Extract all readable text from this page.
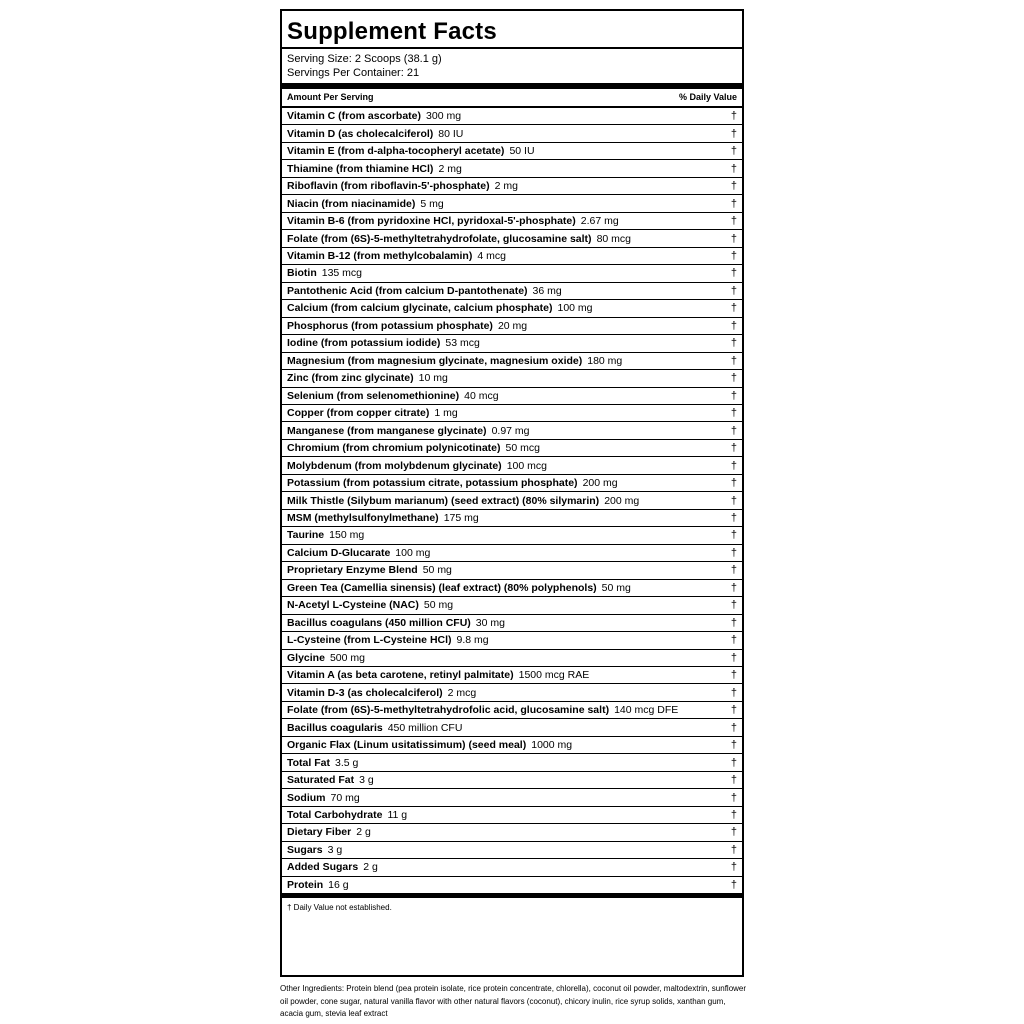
Supplement Facts
Serving Size: 2 Scoops (38.1 g)
Servings Per Container: 21
Amount Per Serving	% Daily Value
Vitamin C (from ascorbate) 300 mg	†
Vitamin D (as cholecalciferol) 80 IU	†
Vitamin E (from d-alpha-tocopheryl acetate) 50 IU	†
Thiamine (from thiamine HCl) 2 mg	†
Riboflavin (from riboflavin-5'-phosphate) 2 mg	†
Niacin (from niacinamide) 5 mg	†
Vitamin B-6 (from pyridoxine HCl, pyridoxal-5'-phosphate) 2.67 mg	†
Folate (from (6S)-5-methyltetrahydrofolate, glucosamine salt) 80 mcg	†
Vitamin B-12 (from methylcobalamin) 4 mcg	†
Biotin 135 mcg	†
Pantothenic Acid (from calcium D-pantothenate) 36 mg	†
Calcium (from calcium glycinate, calcium phosphate) 100 mg	†
Phosphorus (from potassium phosphate) 20 mg	†
Iodine (from potassium iodide) 53 mcg	†
Magnesium (from magnesium glycinate, magnesium oxide) 180 mg	†
Zinc (from zinc glycinate) 10 mg	†
Selenium (from selenomethionine) 40 mcg	†
Copper (from copper citrate) 1 mg	†
Manganese (from manganese glycinate) 0.97 mg	†
Chromium (from chromium polynicotinate) 50 mcg	†
Molybdenum (from molybdenum glycinate) 100 mcg	†
Potassium (from potassium citrate, potassium phosphate) 200 mg	†
Milk Thistle (Silybum marianum) (seed extract) (80% silymarin) 200 mg	†
MSM (methylsulfonylmethane) 175 mg	†
Taurine 150 mg	†
Calcium D-Glucarate 100 mg	†
Proprietary Enzyme Blend 50 mg	†
Green Tea (Camellia sinensis) (leaf extract) (80% polyphenols) 50 mg	†
N-Acetyl L-Cysteine (NAC) 50 mg	†
Bacillus coagulans (450 million CFU) 30 mg	†
L-Cysteine (from L-Cysteine HCl) 9.8 mg	†
Glycine 500 mg	†
Vitamin A (as beta carotene, retinyl palmitate) 1500 mcg RAE	†
Vitamin D-3 (as cholecalciferol) 2 mcg	†
Folate (from (6S)-5-methyltetrahydrofolic acid, glucosamine salt) 140 mcg DFE	†
Bacillus coagularis 450 million CFU	†
Organic Flax (Linum usitatissimum) (seed meal) 1000 mg	†
Total Fat 3.5 g	†
Saturated Fat 3 g	†
Sodium 70 mg	†
Total Carbohydrate 11 g	†
Dietary Fiber 2 g	†
Sugars 3 g	†
Added Sugars 2 g	†
Protein 16 g	†
† Daily Value not established.
Other Ingredients: Protein blend (pea protein isolate, rice protein concentrate, chlorella), coconut oil powder, maltodextrin, sunflower oil powder, cone sugar, natural vanilla flavor with other natural flavors (coconut), chicory inulin, rice syrup solids, xanthan gum, acacia gum, stevia leaf extract
